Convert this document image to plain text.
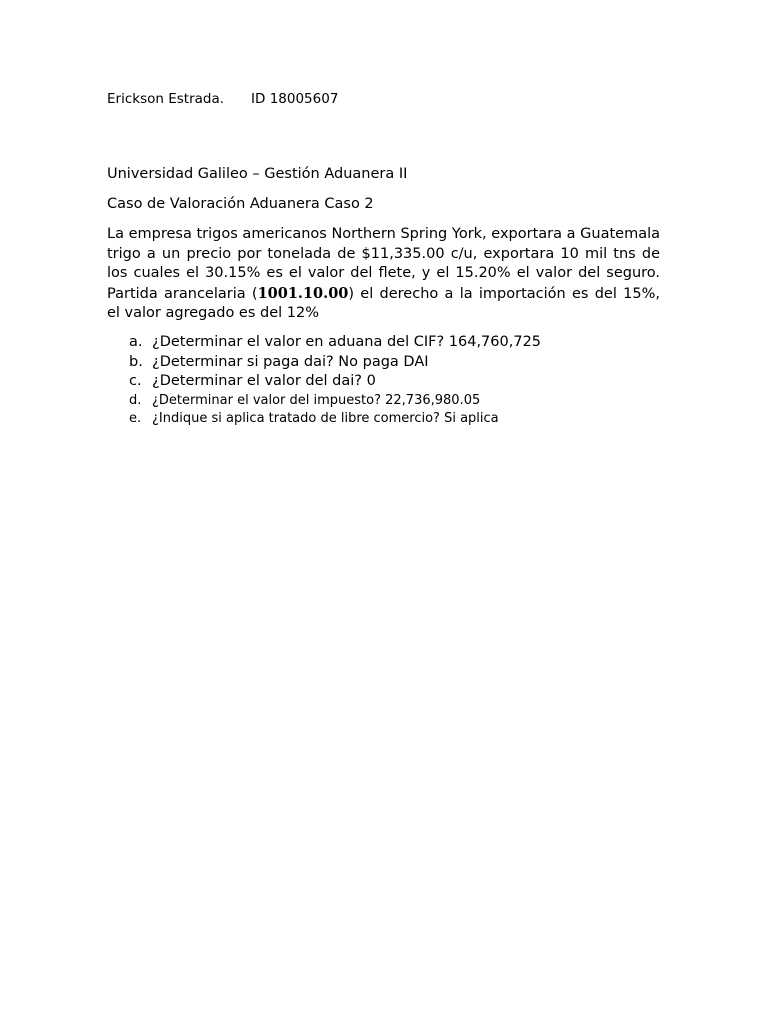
Erickson Estrada. ID 18005607
Universidad Galileo – Gestión Aduanera II
Caso de Valoración Aduanera Caso 2

La empresa trigos americanos Northern Spring York, exportara a Guatemala trigo a un precio por tonelada de $11,335.00 c/u, exportara 10 mil tns de los cuales el 30.15% es el valor del flete, y el 15.20% el valor del seguro. Partida arancelaria (1001.10.00) el derecho a la importación es del 15%, el valor agregado es del 12%

a. ¿Determinar el valor en aduana del CIF? 164,760,725
b. ¿Determinar si paga dai? No paga DAI
c. ¿Determinar el valor del dai? 0
d. ¿Determinar el valor del impuesto? 22,736,980.05
e. ¿Indique si aplica tratado de libre comercio? Si aplica
